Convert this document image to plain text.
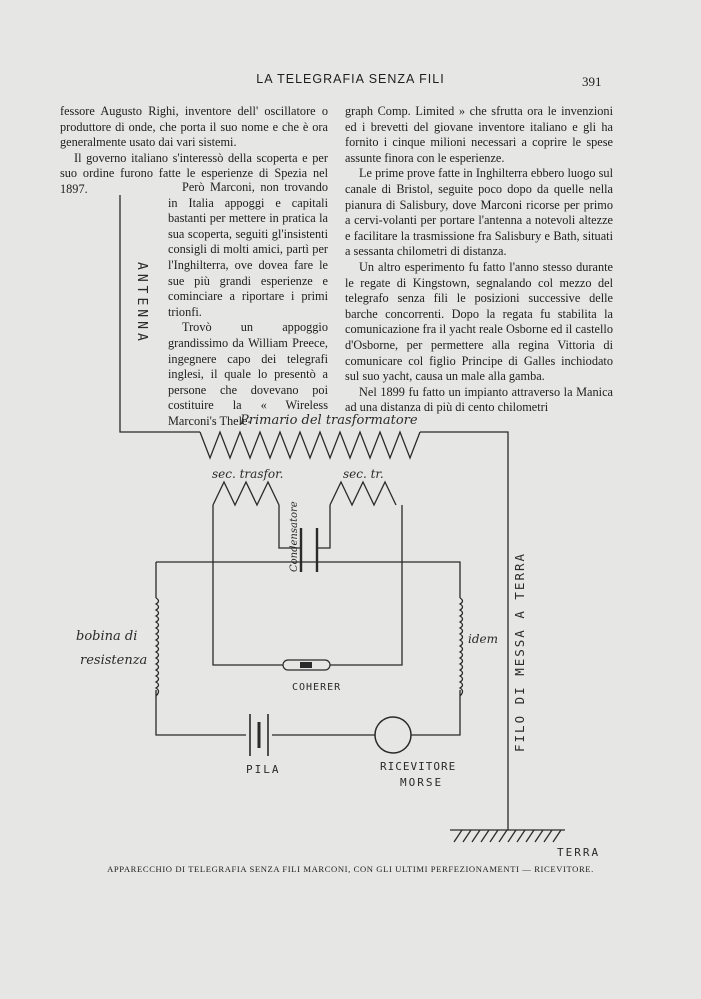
LA TELEGRAFIA SENZA FILI	391

fessore Augusto Righi, inventore dell' oscillatore o produttore di onde, che porta il suo nome e che è ora generalmente usato dai vari sistemi.

Il governo italiano s'interessò della scoperta e per suo ordine furono fatte le esperienze di Spezia nel 1897.	Però Marconi, non trovando in Italia appoggi e capitali bastanti per mettere in pratica la sua scoperta, seguiti gl'insistenti consigli di molti amici, partì per l'Inghilterra, ove dovea fare le sue più grandi esperienze e cominciare a riportare i primi trionfi.

Trovò un appoggio grandissimo da William Preece, ingegnere capo dei telegrafi inglesi, il quale lo presentò a persone che dovevano poi costituire la « Wireless Marconi's Thele-

graph Comp. Limited » che sfrutta ora le invenzioni ed i brevetti del giovane inventore italiano e gli ha fornito i cinque milioni necessari a coprire le spese assunte finora con le esperienze.

Le prime prove fatte in Inghilterra ebbero luogo sul canale di Bristol, seguite poco dopo da quelle nella pianura di Salisbury, dove Marconi ricorse per primo a cervi-volanti per portare l'antenna a notevoli altezze e facilitare la trasmissione fra Salisbury e Bath, situati a sessanta chilometri di distanza.

Un altro esperimento fu fatto l'anno stesso durante le regate di Kingstown, segnalando col mezzo del telegrafo senza fili le posizioni successive delle barche concorrenti. Dopo la regata fu stabilita la comunicazione fra il yacht reale Osborne ed il castello d'Osborne, per permettere alla regina Vittoria di comunicare col figlio Principe di Galles inchiodato sul suo yacht, causa un male alla gamba.

Nel 1899 fu fatto un impianto attraverso la Manica ad una distanza di più di cento chilometri

ANTENNA
Primario del trasformatore
sec. trasfor.	sec. tr.
Condensatore
bobina di
resistenza
idem
COHERER
PILA	RICEVITORE
MORSE
FILO DI MESSA A TERRA
TERRA
APPARECCHIO DI TELEGRAFIA SENZA FILI MARCONI, CON GLI ULTIMI PERFEZIONAMENTI — RICEVITORE.
